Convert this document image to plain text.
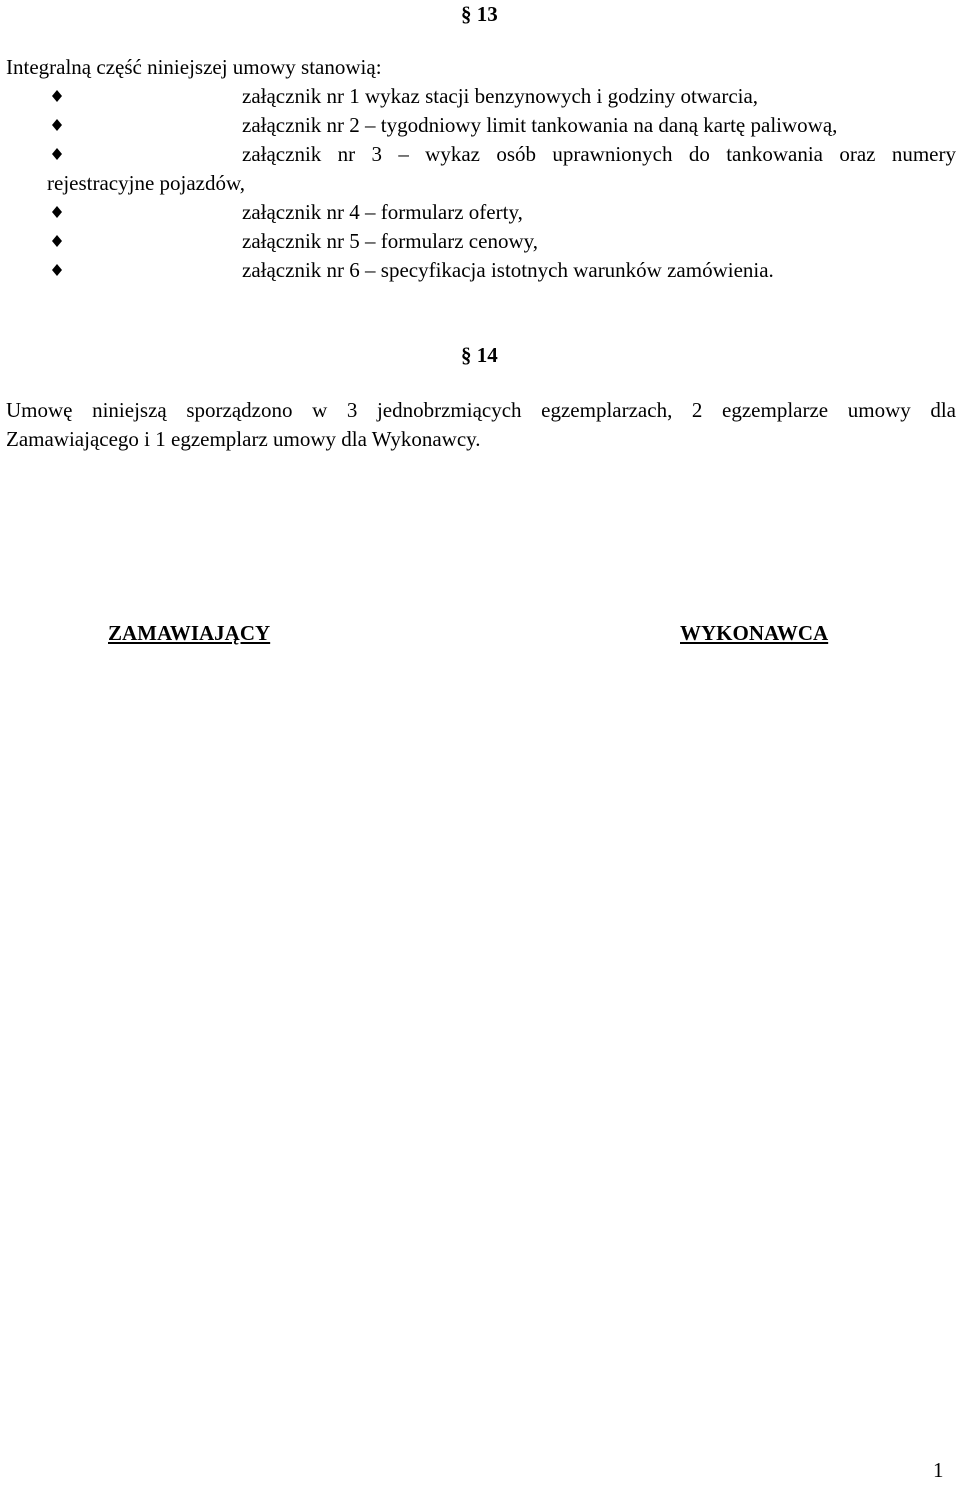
§ 13
Integralną część niniejszej umowy stanowią:
załącznik nr 1 wykaz stacji benzynowych i godziny otwarcia,
załącznik nr 2 – tygodniowy limit tankowania na daną kartę paliwową,
załącznik nr 3 – wykaz osób uprawnionych do tankowania oraz numery
rejestracyjne pojazdów,
załącznik nr 4 – formularz oferty,
załącznik nr 5 – formularz cenowy,
załącznik nr 6 – specyfikacja istotnych warunków zamówienia.
§ 14
Umowę niniejszą sporządzono w 3 jednobrzmiących egzemplarzach, 2 egzemplarze umowy dla
Zamawiającego i 1 egzemplarz umowy dla Wykonawcy.
ZAMAWIAJĄCY	WYKONAWCA
1
